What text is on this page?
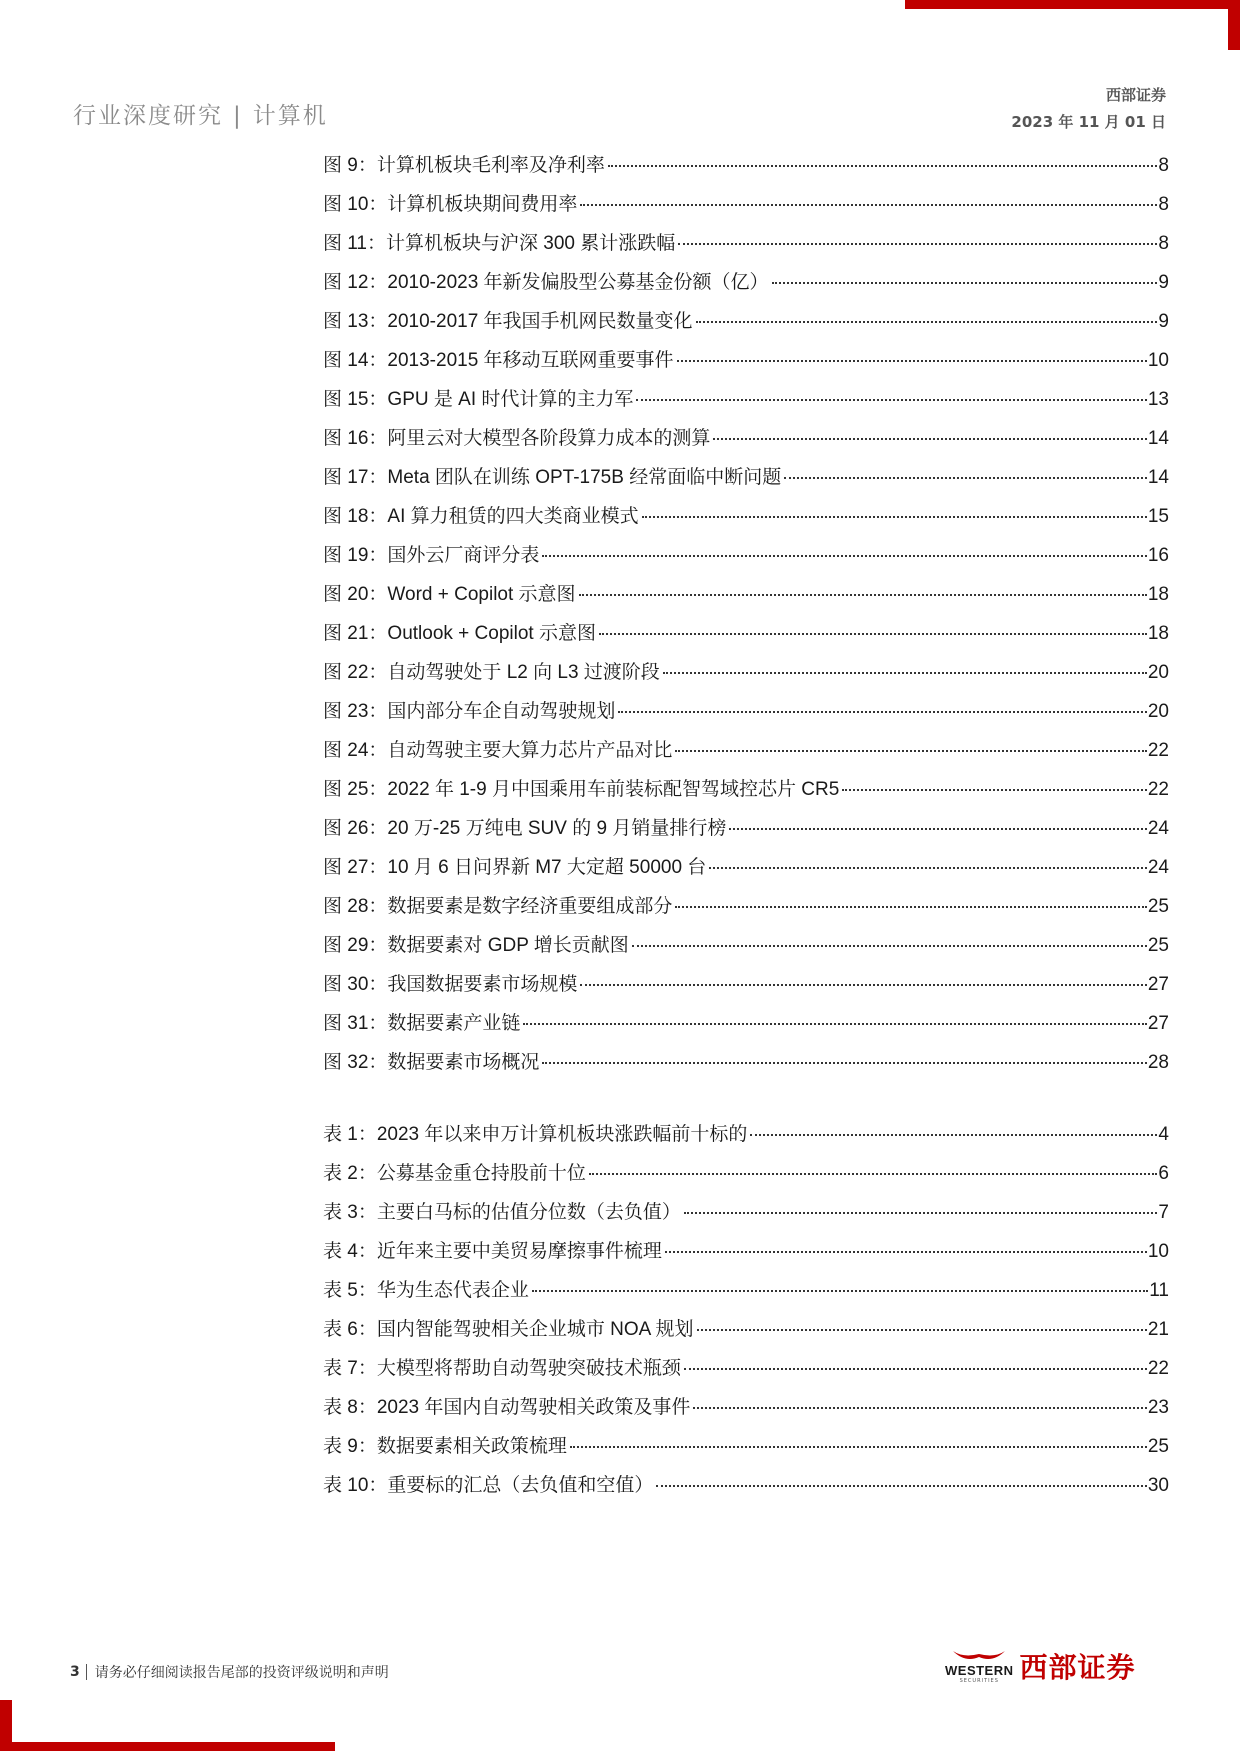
行业深度研究 | 计算机
西部证券
2023 年 11 月 01 日
图 9：计算机板块毛利率及净利率	8
图 10：计算机板块期间费用率	8
图 11：计算机板块与沪深 300 累计涨跌幅	8
图 12：2010-2023 年新发偏股型公募基金份额（亿）	9
图 13：2010-2017 年我国手机网民数量变化	9
图 14：2013-2015 年移动互联网重要事件	10
图 15：GPU 是 AI 时代计算的主力军	13
图 16：阿里云对大模型各阶段算力成本的测算	14
图 17：Meta 团队在训练 OPT-175B 经常面临中断问题	14
图 18：AI 算力租赁的四大类商业模式	15
图 19：国外云厂商评分表	16
图 20：Word + Copilot 示意图	18
图 21：Outlook + Copilot 示意图	18
图 22：自动驾驶处于 L2 向 L3 过渡阶段	20
图 23：国内部分车企自动驾驶规划	20
图 24：自动驾驶主要大算力芯片产品对比	22
图 25：2022 年 1-9 月中国乘用车前装标配智驾域控芯片 CR5	22
图 26：20 万-25 万纯电 SUV 的 9 月销量排行榜	24
图 27：10 月 6 日问界新 M7 大定超 50000 台	24
图 28：数据要素是数字经济重要组成部分	25
图 29：数据要素对 GDP 增长贡献图	25
图 30：我国数据要素市场规模	27
图 31：数据要素产业链	27
图 32：数据要素市场概况	28
表 1：2023 年以来申万计算机板块涨跌幅前十标的	4
表 2：公募基金重仓持股前十位	6
表 3：主要白马标的估值分位数（去负值）	7
表 4：近年来主要中美贸易摩擦事件梳理	10
表 5：华为生态代表企业	11
表 6：国内智能驾驶相关企业城市 NOA 规划	21
表 7：大模型将帮助自动驾驶突破技术瓶颈	22
表 8：2023 年国内自动驾驶相关政策及事件	23
表 9：数据要素相关政策梳理	25
表 10：重要标的汇总（去负值和空值）	30
3 请务必仔细阅读报告尾部的投资评级说明和声明	WESTERN
SECURITIES 西部证券
